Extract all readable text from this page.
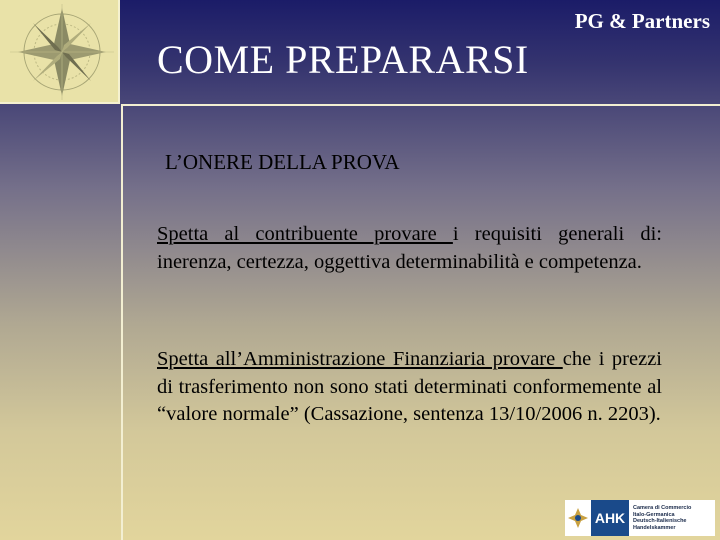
PG & Partners

COME PREPARARSI

L’ONERE DELLA PROVA

Spetta al contribuente provare i requisiti generali di: inerenza, certezza, oggettiva determinabilità e competenza.

Spetta all’Amministrazione Finanziaria provare che i prezzi di trasferimento non sono stati determinati conformemente al “valore normale” (Cassazione, sentenza 13/10/2006 n. 2203).

AHK
Camera di Commercio
Italo-Germanica
Deutsch-Italienische
Handelskammer
